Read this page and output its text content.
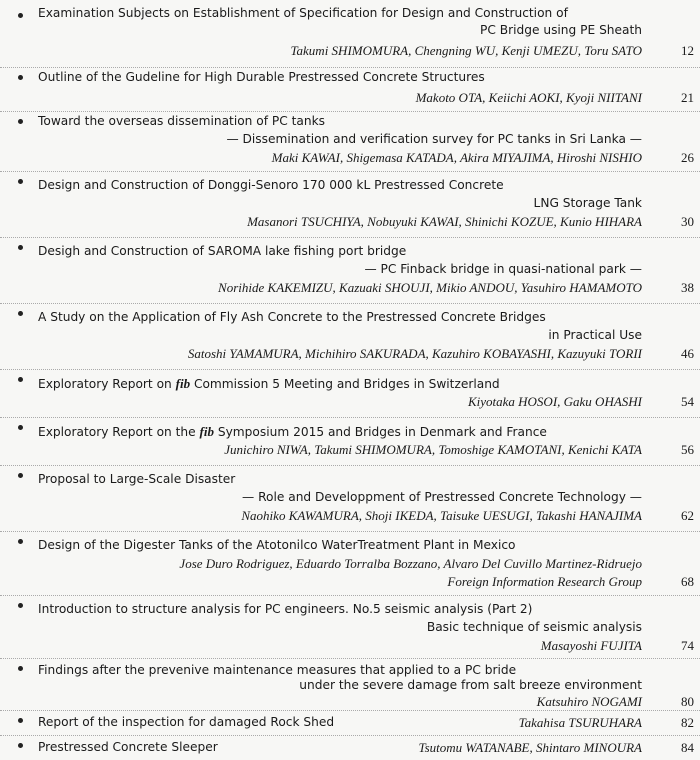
Examination Subjects on Establishment of Specification for Design and Construction of
PC Bridge using PE Sheath
Takumi SHIMOMURA, Chengning WU, Kenji UMEZU, Toru SATO	12
Outline of the Gudeline for High Durable Prestressed Concrete Structures
Makoto OTA, Keiichi AOKI, Kyoji NIITANI	21
Toward the overseas dissemination of PC tanks
— Dissemination and verification survey for PC tanks in Sri Lanka —
Maki KAWAI, Shigemasa KATADA, Akira MIYAJIMA, Hiroshi NISHIO	26
Design and Construction of Donggi-Senoro 170 000 kL Prestressed Concrete
LNG Storage Tank
Masanori TSUCHIYA, Nobuyuki KAWAI, Shinichi KOZUE, Kunio HIHARA	30
Desigh and Construction of SAROMA lake fishing port bridge
— PC Finback bridge in quasi-national park —
Norihide KAKEMIZU, Kazuaki SHOUJI, Mikio ANDOU, Yasuhiro HAMAMOTO	38
A Study on the Application of Fly Ash Concrete to the Prestressed Concrete Bridges
in Practical Use
Satoshi YAMAMURA, Michihiro SAKURADA, Kazuhiro KOBAYASHI, Kazuyuki TORII	46
Exploratory Report on fib Commission 5 Meeting and Bridges in Switzerland
Kiyotaka HOSOI, Gaku OHASHI	54
Exploratory Report on the fib Symposium 2015 and Bridges in Denmark and France
Junichiro NIWA, Takumi SHIMOMURA, Tomoshige KAMOTANI, Kenichi KATA	56
Proposal to Large-Scale Disaster
— Role and Developpment of Prestressed Concrete Technology —
Naohiko KAWAMURA, Shoji IKEDA, Taisuke UESUGI, Takashi HANAJIMA	62
Design of the Digester Tanks of the Atotonilco WaterTreatment Plant in Mexico
Jose Duro Rodriguez, Eduardo Torralba Bozzano, Alvaro Del Cuvillo Martinez-Ridruejo
Foreign Information Research Group	68
Introduction to structure analysis for PC engineers. No.5 seismic analysis (Part 2)
Basic technique of seismic analysis
Masayoshi FUJITA	74
Findings after the prevenive maintenance measures that applied to a PC bride
under the severe damage from salt breeze environment
Katsuhiro NOGAMI	80
Report of the inspection for damaged Rock Shed	Takahisa TSURUHARA	82
Prestressed Concrete Sleeper	Tsutomu WATANABE, Shintaro MINOURA	84
